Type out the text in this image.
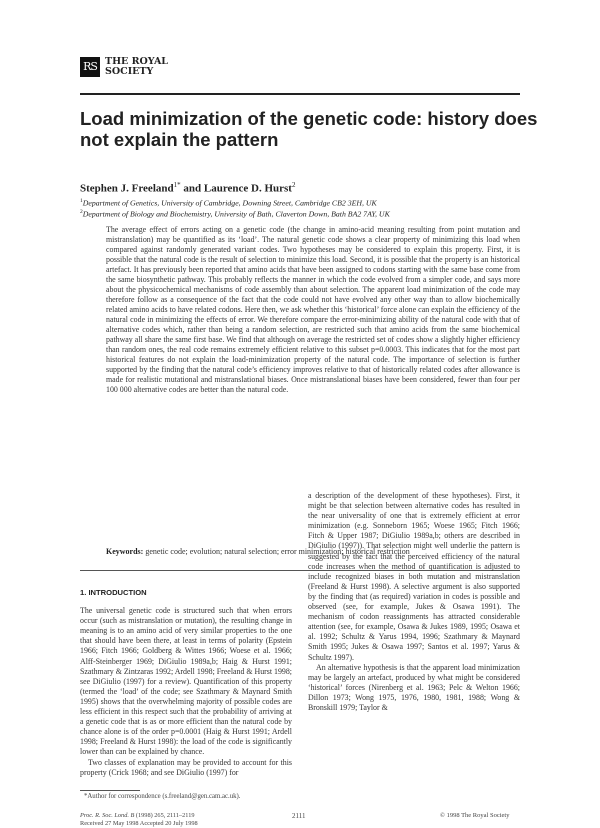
RS THE ROYAL
SOCIETY
Load minimization of the genetic code: history does not explain the pattern
Stephen J. Freeland$^{1*}$ and Laurence D. Hurst$^2$
$^1$Department of Genetics, University of Cambridge, Downing Street, Cambridge CB2 3EH, UK
$^2$Department of Biology and Biochemistry, University of Bath, Claverton Down, Bath BA2 7AY, UK
The average effect of errors acting on a genetic code (the change in amino-acid meaning resulting from point mutation and mistranslation) may be quantified as its ‘load’. The natural genetic code shows a clear property of minimizing this load when compared against randomly generated variant codes. Two hypotheses may be considered to explain this property. First, it is possible that the natural code is the result of selection to minimize this load. Second, it is possible that the property is an historical artefact. It has previously been reported that amino acids that have been assigned to codons starting with the same base come from the same biosynthetic pathway. This probably reflects the manner in which the code evolved from a simpler code, and says more about the physicochemical mechanisms of code assembly than about selection. The apparent load minimization of the code may therefore follow as a consequence of the fact that the code could not have evolved any other way than to allow biochemically related amino acids to have related codons. Here then, we ask whether this ‘historical’ force alone can explain the efficiency of the natural code in minimizing the effects of error. We therefore compare the error-minimizing ability of the natural code with that of alternative codes which, rather than being a random selection, are restricted such that amino acids from the same biochemical pathway all share the same first base. We find that although on average the restricted set of codes show a slightly higher efficiency than random ones, the real code remains extremely efficient relative to this subset p=0.0003. This indicates that for the most part historical features do not explain the load-minimization property of the natural code. The importance of selection is further supported by the finding that the natural code’s efficiency improves relative to that of historically related codes after allowance is made for realistic mutational and mistranslational biases. Once mistranslational biases have been considered, fewer than four per 100 000 alternative codes are better than the natural code.
Keywords: genetic code; evolution; natural selection; error minimization; historical restriction
1. INTRODUCTION

The universal genetic code is structured such that when errors occur (such as mistranslation or mutation), the resulting change in meaning is to an amino acid of very similar properties to the one that should have been there, at least in terms of polarity (Epstein 1966; Fitch 1966; Goldberg & Wittes 1966; Woese et al. 1966; Alff-Steinberger 1969; DiGiulio 1989a,b; Haig & Hurst 1991; Szathmary & Zintzaras 1992; Ardell 1998; Freeland & Hurst 1998; see DiGiulio (1997) for a review). Quantification of this property (termed the ‘load’ of the code; see Szathmary & Maynard Smith 1995) shows that the overwhelming majority of possible codes are less efficient in this respect such that the probability of arriving at a genetic code that is as or more efficient than the natural code by chance alone is of the order p=0.0001 (Haig & Hurst 1991; Ardell 1998; Freeland & Hurst 1998): the load of the code is significantly lower than can be explained by chance.

Two classes of explanation may be provided to account for this property (Crick 1968; and see DiGiulio (1997) for

a description of the development of these hypotheses). First, it might be that selection between alternative codes has resulted in the near universality of one that is extremely efficient at error minimization (e.g. Sonneborn 1965; Woese 1965; Fitch 1966; Fitch & Upper 1987; DiGiulio 1989a,b; others are described in DiGiulio (1997)). That selection might well underlie the pattern is suggested by the fact that the perceived efficiency of the natural code increases when the method of quantification is adjusted to include recognized biases in both mutation and mistranslation (Freeland & Hurst 1998). A selective argument is also supported by the finding that (as required) variation in codes is possible and observed (see, for example, Jukes & Osawa 1991). The mechanism of codon reassignments has attracted considerable attention (see, for example, Osawa & Jukes 1989, 1995; Osawa et al. 1992; Schultz & Yarus 1994, 1996; Szathmary & Maynard Smith 1995; Jukes & Osawa 1997; Santos et al. 1997; Yarus & Schultz 1997).

An alternative hypothesis is that the apparent load minimization may be largely an artefact, produced by what might be considered ‘historical’ forces (Nirenberg et al. 1963; Pelc & Welton 1966; Dillon 1973; Wong 1975, 1976, 1980, 1981, 1988; Wong & Bronskill 1979; Taylor &

*Author for correspondence (s.freeland@gen.cam.ac.uk).
Proc. R. Soc. Lond. B (1998) 265, 2111–2119
Received 27 May 1998 Accepted 20 July 1998
2111	© 1998 The Royal Society
